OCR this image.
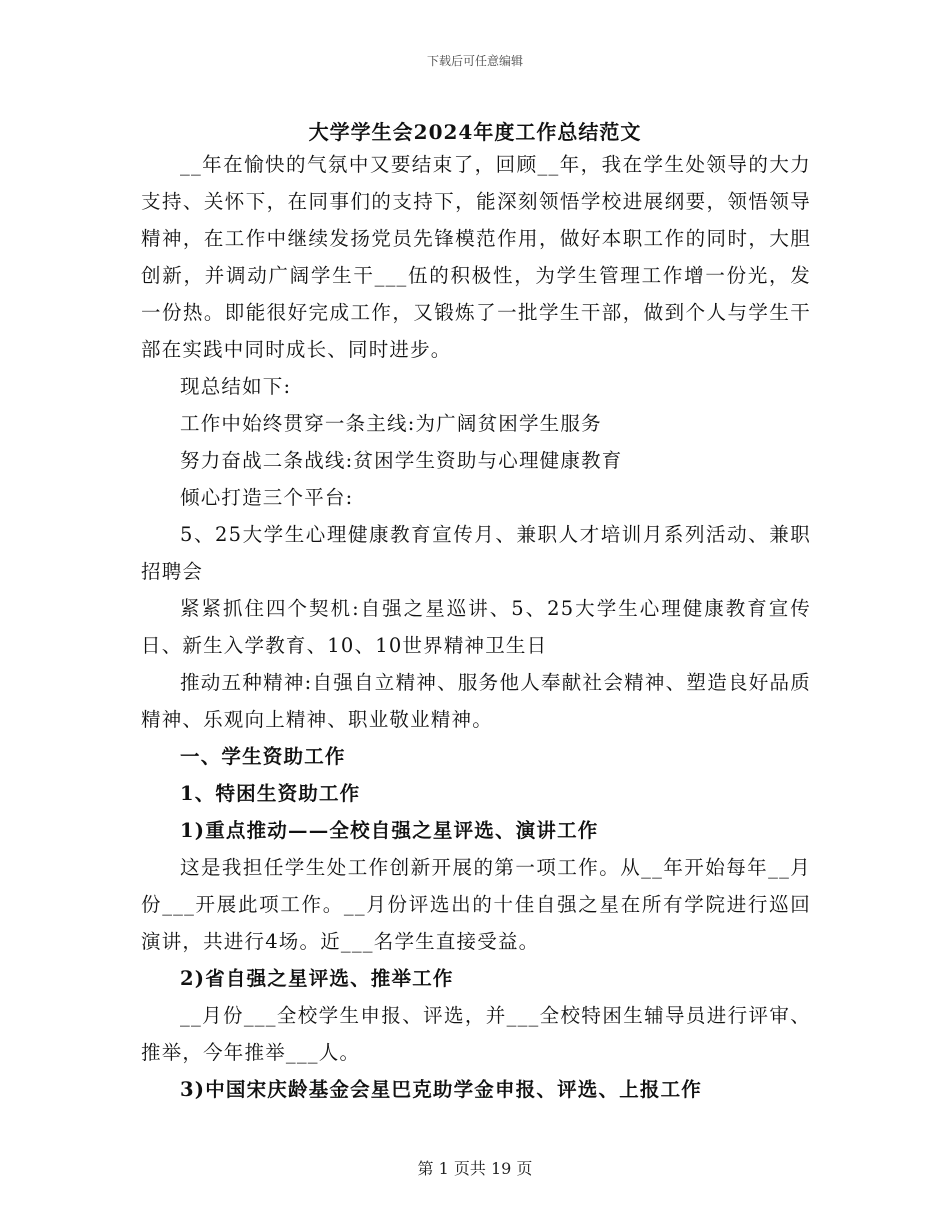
下载后可任意编辑
大学学生会2024年度工作总结范文

__年在愉快的气氛中又要结束了，回顾__年，我在学生处领导的大力支持、关怀下，在同事们的支持下，能深刻领悟学校进展纲要，领悟领导精神，在工作中继续发扬党员先锋模范作用，做好本职工作的同时，大胆创新，并调动广阔学生干___伍的积极性，为学生管理工作增一份光，发一份热。即能很好完成工作，又锻炼了一批学生干部，做到个人与学生干部在实践中同时成长、同时进步。

现总结如下:

工作中始终贯穿一条主线:为广阔贫困学生服务

努力奋战二条战线:贫困学生资助与心理健康教育

倾心打造三个平台:

5、25大学生心理健康教育宣传月、兼职人才培训月系列活动、兼职招聘会

紧紧抓住四个契机:自强之星巡讲、5、25大学生心理健康教育宣传日、新生入学教育、10、10世界精神卫生日

推动五种精神:自强自立精神、服务他人奉献社会精神、塑造良好品质精神、乐观向上精神、职业敬业精神。

一、学生资助工作

1、特困生资助工作

1)重点推动——全校自强之星评选、演讲工作

这是我担任学生处工作创新开展的第一项工作。从__年开始每年__月份___开展此项工作。__月份评选出的十佳自强之星在所有学院进行巡回演讲，共进行4场。近___名学生直接受益。

2)省自强之星评选、推举工作

__月份___全校学生申报、评选，并___全校特困生辅导员进行评审、推举，今年推举___人。

3)中国宋庆龄基金会星巴克助学金申报、评选、上报工作

第 1 页共 19 页
